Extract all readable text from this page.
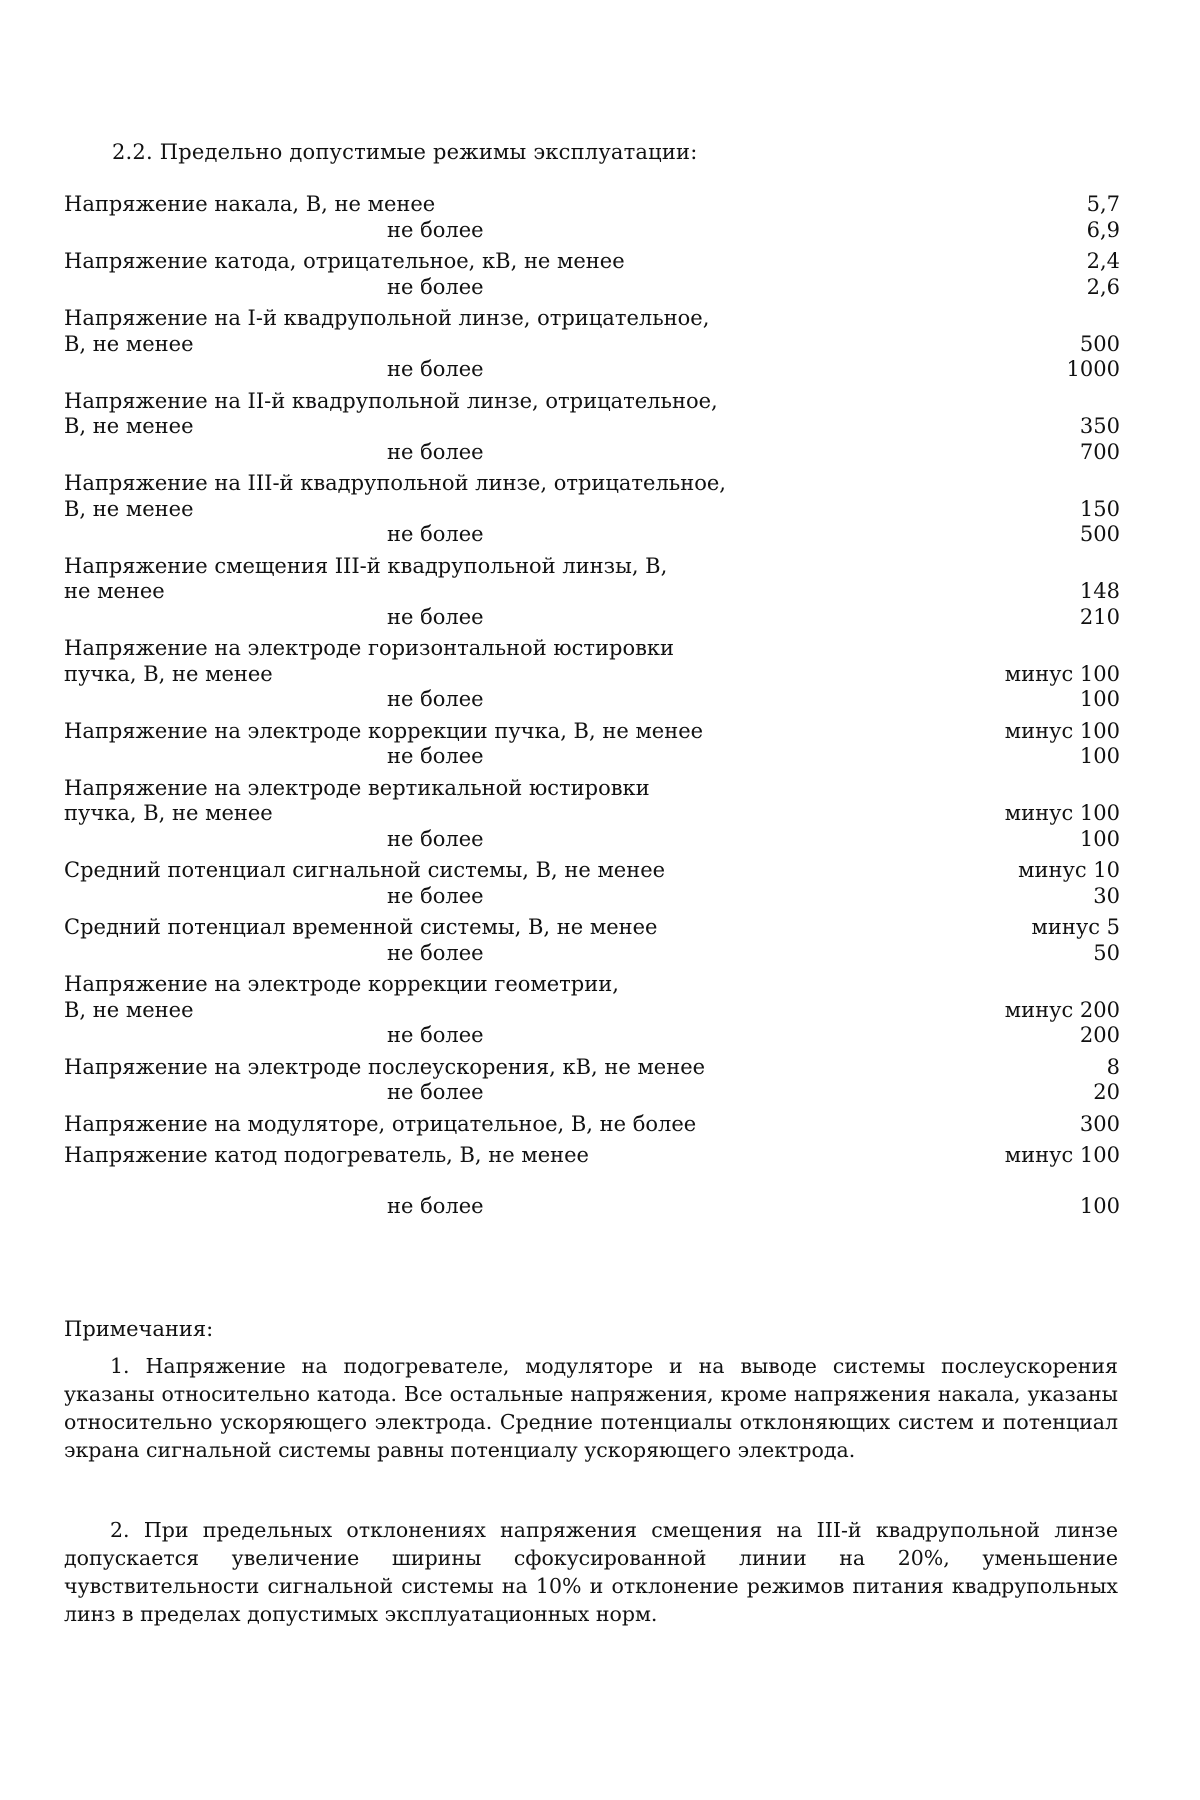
2.2. Предельно допустимые режимы эксплуатации:
Напряжение накала, В, не менее	5,7
не более	6,9
Напряжение катода, отрицательное, кВ, не менее	2,4
не более	2,6
Напряжение на I-й квадрупольной линзе, отрицательное,
В, не менее	500
не более	1000
Напряжение на II-й квадрупольной линзе, отрицательное,
В, не менее	350
не более	700
Напряжение на III-й квадрупольной линзе, отрицательное,
В, не менее	150
не более	500
Напряжение смещения III-й квадрупольной линзы, В,
не менее	148
не более	210
Напряжение на электроде горизонтальной юстировки
пучка, В, не менее	минус 100
не более	100
Напряжение на электроде коррекции пучка, В, не менее	минус 100
не более	100
Напряжение на электроде вертикальной юстировки
пучка, В, не менее	минус 100
не более	100
Средний потенциал сигнальной системы, В, не менее	минус 10
не более	30
Средний потенциал временной системы, В, не менее	минус 5
не более	50
Напряжение на электроде коррекции геометрии,
В, не менее	минус 200
не более	200
Напряжение на электроде послеускорения, кВ, не менее	8
не более	20
Напряжение на модуляторе, отрицательное, В, не более	300
Напряжение катод подогреватель, В, не менее	минус 100
не более	100
Примечания:
1. Напряжение на подогревателе, модуляторе и на выводе системы послеускорения указаны относительно катода. Все остальные напряжения, кроме напряжения накала, указаны относительно ускоряющего электрода. Средние потенциалы отклоняющих систем и потенциал экрана сигнальной системы равны потенциалу ускоряющего электрода.
2. При предельных отклонениях напряжения смещения на III-й квадрупольной линзе допускается увеличение ширины сфокусированной линии на 20%, уменьшение чувствительности сигнальной системы на 10% и отклонение режимов питания квадрупольных линз в пределах допустимых эксплуатационных норм.
